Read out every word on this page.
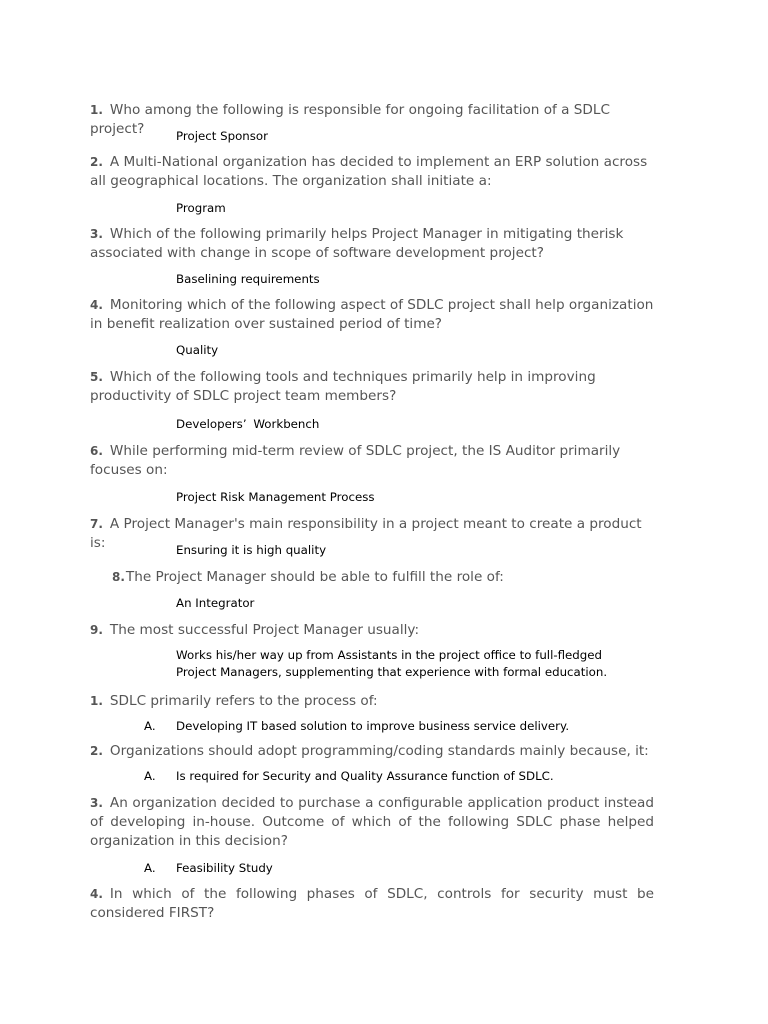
1. Who among the following is responsible for ongoing facilitation of a SDLC project?	Project Sponsor

2. A Multi-National organization has decided to implement an ERP solution across all geographical locations. The organization shall initiate a:

Program

3. Which of the following primarily helps Project Manager in mitigating therisk associated with change in scope of software development project?

Baselining requirements

4. Monitoring which of the following aspect of SDLC project shall help organization in benefit realization over sustained period of time?

Quality

5. Which of the following tools and techniques primarily help in improving productivity of SDLC project team members?

Developers’ Workbench

6. While performing mid-term review of SDLC project, the IS Auditor primarily focuses on:

Project Risk Management Process

7. A Project Manager's main responsibility in a project meant to create a product is:	Ensuring it is high quality

8.The Project Manager should be able to fulfill the role of:

An Integrator

9. The most successful Project Manager usually:

Works his/her way up from Assistants in the project office to full-fledged Project Managers, supplementing that experience with formal education.

1. SDLC primarily refers to the process of:

A. Developing IT based solution to improve business service delivery.

2. Organizations should adopt programming/coding standards mainly because, it:

A. Is required for Security and Quality Assurance function of SDLC.

3. An organization decided to purchase a configurable application product instead of developing in-house. Outcome of which of the following SDLC phase helped organization in this decision?

A. Feasibility Study

4. In which of the following phases of SDLC, controls for security must be considered FIRST?
